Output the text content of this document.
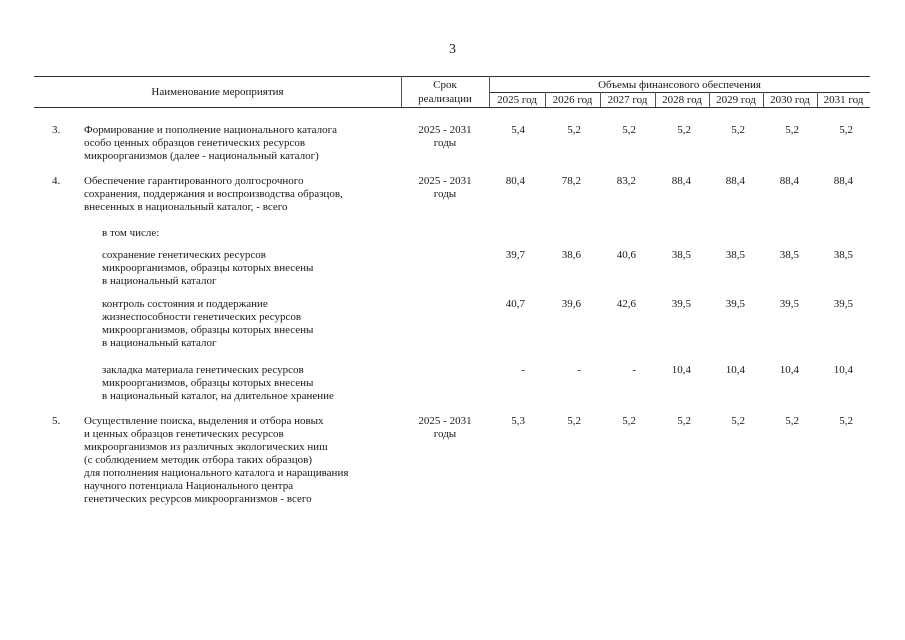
3
Наименование мероприятия
Срок
реализации
Объемы финансового обеспечения
2025 год	2026 год	2027 год	2028 год	2029 год	2030 год	2031 год
3. Формирование и пополнение национального каталога
особо ценных образцов генетических ресурсов
микроорганизмов (далее - национальный каталог)
2025 - 2031
годы
5,4	5,2	5,2	5,2	5,2	5,2	5,2
4. Обеспечение гарантированного долгосрочного
сохранения, поддержания и воспроизводства образцов,
внесенных в национальный каталог, - всего
2025 - 2031
годы
80,4	78,2	83,2	88,4	88,4	88,4	88,4
в том числе:
сохранение генетических ресурсов
микроорганизмов, образцы которых внесены
в национальный каталог
39,7	38,6	40,6	38,5	38,5	38,5	38,5
контроль состояния и поддержание
жизнеспособности генетических ресурсов
микроорганизмов, образцы которых внесены
в национальный каталог
40,7	39,6	42,6	39,5	39,5	39,5	39,5
закладка материала генетических ресурсов
микроорганизмов, образцы которых внесены
в национальный каталог, на длительное хранение
-	-	-	10,4	10,4	10,4	10,4
5. Осуществление поиска, выделения и отбора новых
и ценных образцов генетических ресурсов
микроорганизмов из различных экологических ниш
(с соблюдением методик отбора таких образцов)
для пополнения национального каталога и наращивания
научного потенциала Национального центра
генетических ресурсов микроорганизмов - всего
2025 - 2031
годы
5,3	5,2	5,2	5,2	5,2	5,2	5,2
